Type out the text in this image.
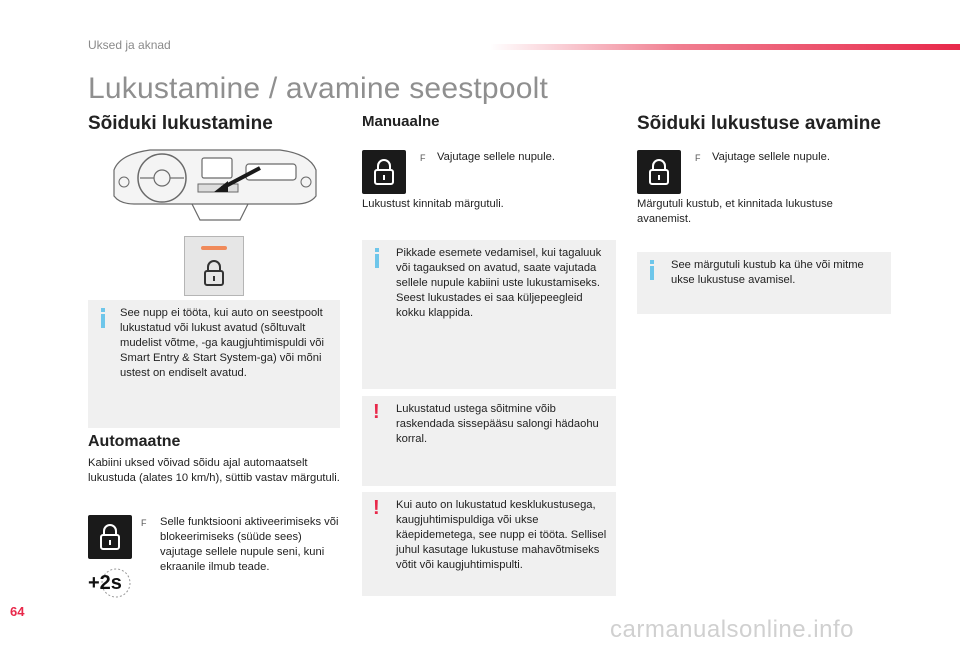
Uksed ja aknad
Lukustamine / avamine seestpoolt
Sõiduki lukustamine
See nupp ei tööta, kui auto on seestpoolt lukustatud või lukust avatud (sõltuvalt mudelist võtme, -ga kaugjuhtimispuldi või Smart Entry & Start System-ga) või mõni ustest on endiselt avatud.
Automaatne
Kabiini uksed võivad sõidu ajal automaatselt lukustuda (alates 10 km/h), süttib vastav märgutuli.
F Selle funktsiooni aktiveerimiseks või blokeerimiseks (süüde sees) vajutage sellele nupule seni, kuni ekraanile ilmub teade.
+2s
Manuaalne
F Vajutage sellele nupule.
Lukustust kinnitab märgutuli.
Pikkade esemete vedamisel, kui tagaluuk või tagauksed on avatud, saate vajutada sellele nupule kabiini uste lukustamiseks.
Seest lukustades ei saa küljepeegleid kokku klappida.
! Lukustatud ustega sõitmine võib raskendada sissepääsu salongi hädaohu korral.
! Kui auto on lukustatud kesklukustusega, kaugjuhtimispuldiga või ukse käepidemetega, see nupp ei tööta. Sellisel juhul kasutage lukustuse mahavõtmiseks võtit või kaugjuhtimispulti.
Sõiduki lukustuse avamine
F Vajutage sellele nupule.
Märgutuli kustub, et kinnitada lukustuse avanemist.
See märgutuli kustub ka ühe või mitme ukse lukustuse avamisel.
64
carmanualsonline.info
